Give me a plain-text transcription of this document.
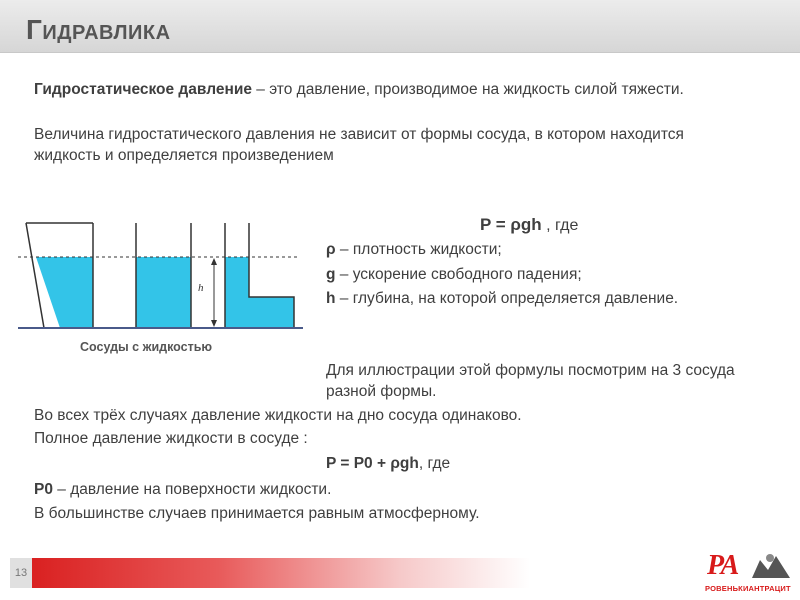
ГИДРАВЛИКА
Гидростатическое давление – это давление, производимое на жидкость силой тяжести.
Величина гидростатического давления не зависит от формы сосуда, в котором находится жидкость и определяется произведением
h
Сосуды с жидкостью
P = ρgh , где
ρ – плотность жидкости;
g – ускорение свободного падения;
h – глубина, на которой определяется давление.
Для иллюстрации этой формулы посмотрим на 3 сосуда разной формы.
Во всех трёх случаях давление жидкости на дно сосуда одинаково.
Полное давление жидкости в сосуде :
P = P0 + ρgh, где
P0 – давление на поверхности жидкости.
В большинстве случаев принимается равным атмосферному.
13	РА
РОВЕНЬКИАНТРАЦИТ
